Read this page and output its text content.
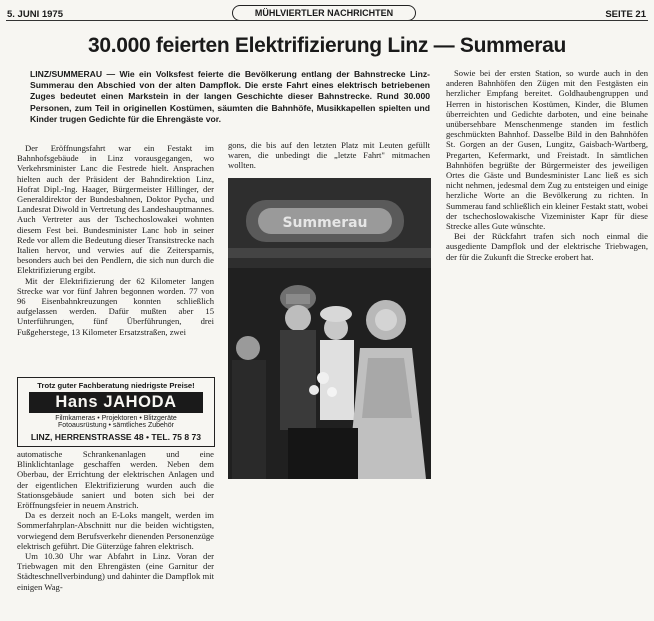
5. JUNI 1975	MÜHLVIERTLER NACHRICHTEN	SEITE 21
30.000 feierten Elektrifizierung Linz — Summerau
LINZ/SUMMERAU — Wie ein Volksfest feierte die Bevölkerung entlang der Bahnstrecke Linz-Summerau den Abschied von der alten Dampflok. Die erste Fahrt eines elektrisch betriebenen Zuges bedeutet einen Markstein in der langen Geschichte dieser Bahnstrecke. Rund 30.000 Personen, zum Teil in originellen Kostümen, säumten die Bahnhöfe, Musikkapellen spielten und Kinder trugen Gedichte für die Ehrengäste vor.

Der Eröffnungsfahrt war ein Festakt im Bahnhofsgebäude in Linz vorausgegangen, wo Verkehrsminister Lanc die Festrede hielt. Ansprachen hielten auch der Präsident der Bahndirektion Linz, Hofrat Dipl.-Ing. Haager, Bürgermeister Hillinger, der Generaldirektor der Bundesbahnen, Doktor Pycha, und Landesrat Diwold in Vertretung des Landeshauptmannes. Auch Vertreter aus der Tschechoslowakei wohnten diesem Fest bei. Bundesminister Lanc hob in seiner Rede vor allem die Bedeutung dieser Transitstrecke nach Italien hervor, und verwies auf die Zeitersparnis, besonders auch bei den Pendlern, die sich nun durch die Elektrifizierung ergibt.

Mit der Elektrifizierung der 62 Kilometer langen Strecke war vor fünf Jahren begonnen worden. 77 von 96 Eisenbahnkreuzungen konnten schließlich aufgelassen werden. Dafür mußten aber 15 Unterführungen, fünf Überführungen, drei Fußgeherstege, 13 Kilometer Ersatzstraßen, zwei

Trotz guter Fachberatung niedrigste Preise!
Hans JAHODA
Filmkameras • Projektoren • Blitzgeräte
Fotoausrüstung • sämtliches Zubehör
LINZ, HERRENSTRASSE 48 • TEL. 75 8 73

automatische Schrankenanlagen und eine Blinklichtanlage geschaffen werden. Neben dem Oberbau, der Errichtung der elektrischen Anlagen und der eigentlichen Elektrifizierung wurden auch die Stationsgebäude saniert und boten sich bei der Eröffnungsfeier in neuem Anstrich.

Da es derzeit noch an E-Loks mangelt, werden im Sommerfahrplan-Abschnitt nur die beiden wichtigsten, vorwiegend dem Berufsverkehr dienenden Personenzüge elektrisch geführt. Die Güterzüge fahren elektrisch.

Um 10.30 Uhr war Abfahrt in Linz. Voran der Triebwagen mit den Ehrengästen (eine Garnitur der Städteschnellverbindung) und dahinter die Dampflok mit einigen Wag-

gons, die bis auf den letzten Platz mit Leuten gefüllt waren, die unbedingt die „letzte Fahrt" mitmachen wollten.

Summerau

Sowie bei der ersten Station, so wurde auch in den anderen Bahnhöfen den Zügen mit den Festgästen ein herzlicher Empfang bereitet. Goldhaubengruppen und Herren in historischen Kostümen, Kinder, die Blumen überreichten und Gedichte darboten, und eine beinahe unübersehbare Menschenmenge standen im festlich geschmückten Bahnhof. Dasselbe Bild in den Bahnhöfen St. Gorgen an der Gusen, Lungitz, Gaisbach-Wartberg, Pregarten, Kefermarkt, und Freistadt. In sämtlichen Bahnhöfen begrüßte der Bürgermeister des jeweiligen Ortes die Gäste und Bundesminister Lanc ließ es sich nicht nehmen, jedesmal dem Zug zu entsteigen und einige herzliche Worte an die Bevölkerung zu richten. In Summerau fand schließlich ein kleiner Festakt statt, wobei der tschechoslowakische Vizeminister Kapr für diese Strecke alles Gute wünschte.

Bei der Rückfahrt trafen sich noch einmal die ausgediente Dampflok und der elektrische Triebwagen, der für die Zukunft die Strecke erobert hat.
